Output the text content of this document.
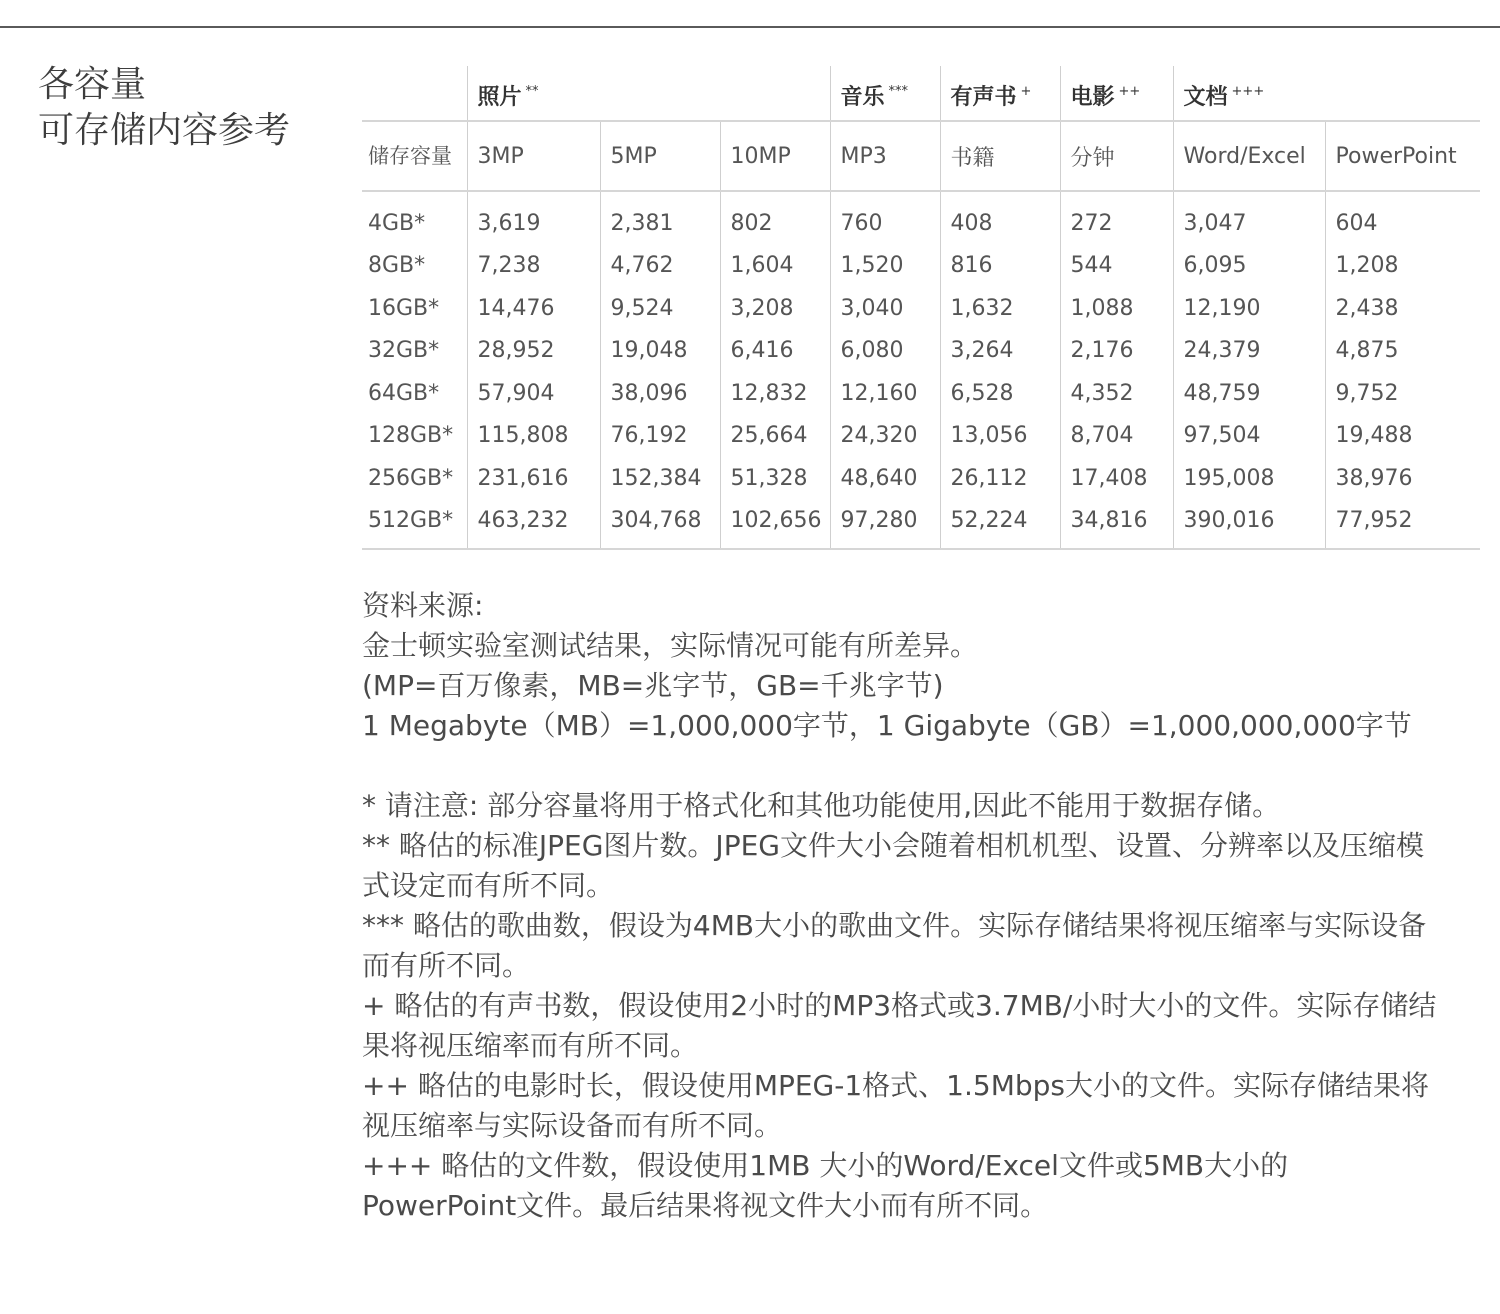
各容量
可存储内容参考
	照片 **			音乐 ***	有声书 +	电影 ++	文档 +++
储存容量	3MP	5MP	10MP	MP3	书籍	分钟	Word/Excel	PowerPoint
4GB*	3,619	2,381	802	760	408	272	3,047	604
8GB*	7,238	4,762	1,604	1,520	816	544	6,095	1,208
16GB*	14,476	9,524	3,208	3,040	1,632	1,088	12,190	2,438
32GB*	28,952	19,048	6,416	6,080	3,264	2,176	24,379	4,875
64GB*	57,904	38,096	12,832	12,160	6,528	4,352	48,759	9,752
128GB*	115,808	76,192	25,664	24,320	13,056	8,704	97,504	19,488
256GB*	231,616	152,384	51,328	48,640	26,112	17,408	195,008	38,976
512GB*	463,232	304,768	102,656	97,280	52,224	34,816	390,016	77,952

资料来源:

金士顿实验室测试结果，实际情况可能有所差异。

(MP=百万像素，MB=兆字节，GB=千兆字节)

1 Megabyte（MB）=1,000,000字节，1 Gigabyte（GB）=1,000,000,000字节

* 请注意: 部分容量将用于格式化和其他功能使用,因此不能用于数据存储。

** 略估的标准JPEG图片数。JPEG文件大小会随着相机机型、设置、分辨率以及压缩模式设定而有所不同。

*** 略估的歌曲数，假设为4MB大小的歌曲文件。实际存储结果将视压缩率与实际设备而有所不同。

+ 略估的有声书数，假设使用2小时的MP3格式或3.7MB/小时大小的文件。实际存储结果将视压缩率而有所不同。

++ 略估的电影时长，假设使用MPEG-1格式、1.5Mbps大小的文件。实际存储结果将视压缩率与实际设备而有所不同。

+++ 略估的文件数，假设使用1MB 大小的Word/Excel文件或5MB大小的PowerPoint文件。最后结果将视文件大小而有所不同。
